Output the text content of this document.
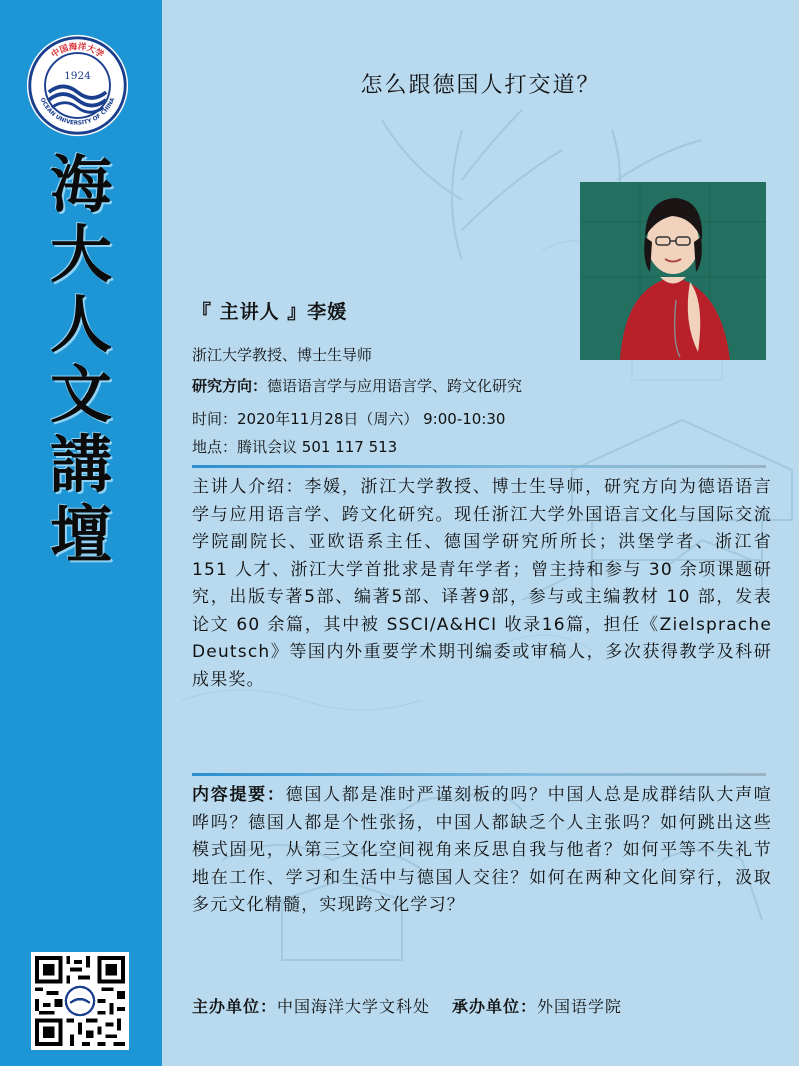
中国海洋大学
OCEAN UNIVERSITY OF CHINA
1924
海
大
人
文
講
壇
怎么跟德国人打交道？
『 主讲人 』李媛
浙江大学教授、博士生导师
研究方向：德语语言学与应用语言学、跨文化研究
时间：2020年11月28日（周六） 9:00-10:30
地点：腾讯会议 501 117 513
主讲人介绍：李媛，浙江大学教授、博士生导师，研究方向为德语语言学与应用语言学、跨文化研究。现任浙江大学外国语言文化与国际交流学院副院长、亚欧语系主任、德国学研究所所长；洪堡学者、浙江省 151 人才、浙江大学首批求是青年学者；曾主持和参与 30 余项课题研究，出版专著5部、编著5部、译著9部，参与或主编教材 10 部，发表论文 60 余篇，其中被 SSCI/A&HCI 收录16篇，担任《Zielsprache Deutsch》等国内外重要学术期刊编委或审稿人，多次获得教学及科研成果奖。
内容提要：德国人都是准时严谨刻板的吗？中国人总是成群结队大声喧哗吗？德国人都是个性张扬，中国人都缺乏个人主张吗？如何跳出这些模式固见，从第三文化空间视角来反思自我与他者？如何平等不失礼节地在工作、学习和生活中与德国人交往？如何在两种文化间穿行，汲取多元文化精髓，实现跨文化学习？
主办单位：中国海洋大学文科处 承办单位：外国语学院
